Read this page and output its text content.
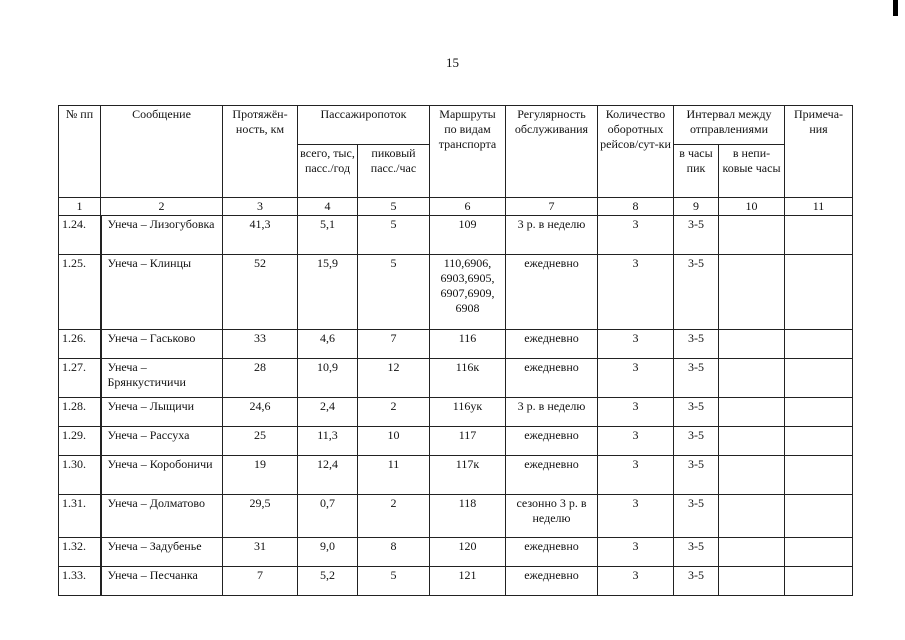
15
№ пп	Сообщение	Протяжён-ность, км	Пассажиропоток		Маршруты по видам транспорта	Регулярность обслуживания	Количество оборотных рейсов/сут-ки	Интервал между отправлениями		Примеча-ния
			всего, тыс, пасс./год	пиковый пасс./час				в часы пик	в непи-ковые часы	
1	2	3	4	5	6	7	8	9	10	11
1.24.	Унеча – Лизогубовка	41,3	5,1	5	109	3 р. в неделю	3	3-5		
1.25.	Унеча – Клинцы	52	15,9	5	110,6906, 6903,6905, 6907,6909, 6908	ежедневно	3	3-5		
1.26.	Унеча – Гаськово	33	4,6	7	116	ежедневно	3	3-5		
1.27.	Унеча – Брянкустичичи	28	10,9	12	116к	ежедневно	3	3-5		
1.28.	Унеча – Лыщичи	24,6	2,4	2	116ук	3 р. в неделю	3	3-5		
1.29.	Унеча – Рассуха	25	11,3	10	117	ежедневно	3	3-5		
1.30.	Унеча – Коробоничи	19	12,4	11	117к	ежедневно	3	3-5		
1.31.	Унеча – Долматово	29,5	0,7	2	118	сезонно 3 р. в неделю	3	3-5		
1.32.	Унеча – Задубенье	31	9,0	8	120	ежедневно	3	3-5		
1.33.	Унеча – Песчанка	7	5,2	5	121	ежедневно	3	3-5		
